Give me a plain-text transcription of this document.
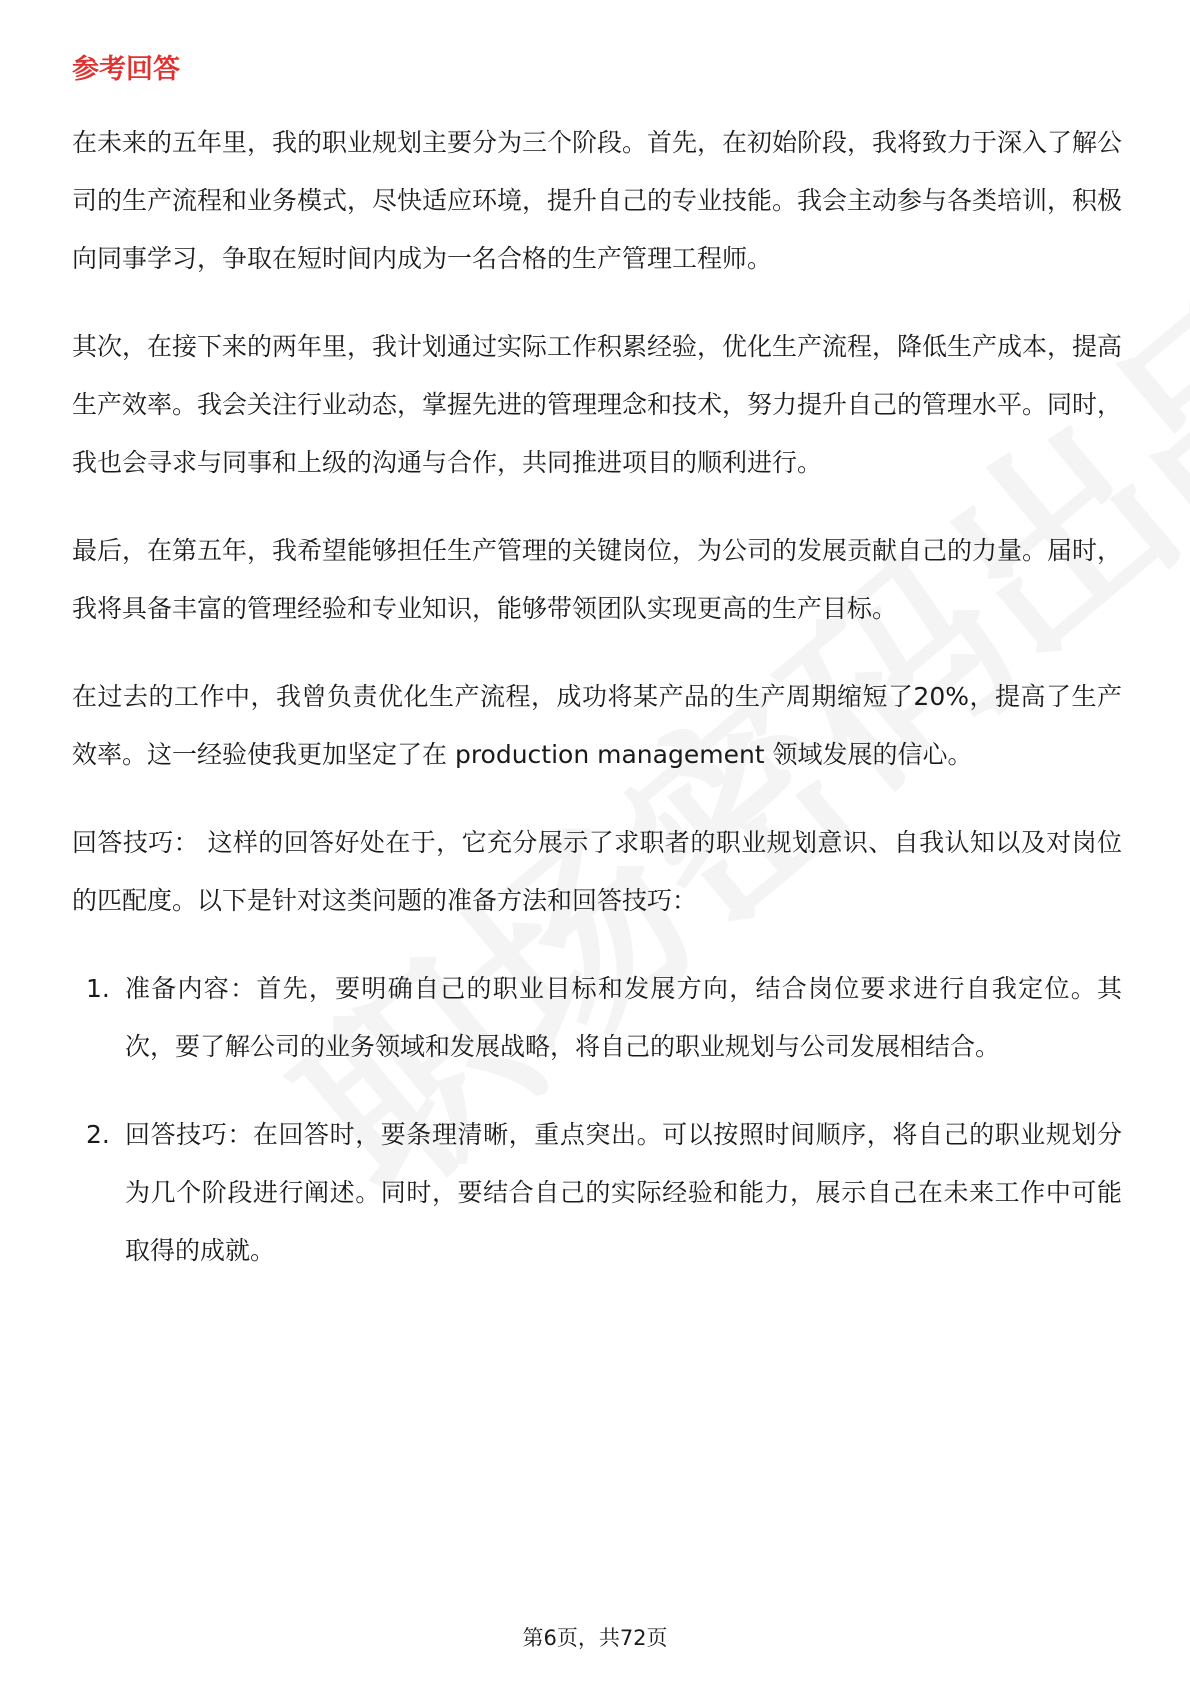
参考回答

在未来的五年里，我的职业规划主要分为三个阶段。首先，在初始阶段，我将致力于深入了解公司的生产流程和业务模式，尽快适应环境，提升自己的专业技能。我会主动参与各类培训，积极向同事学习，争取在短时间内成为一名合格的生产管理工程师。

其次，在接下来的两年里，我计划通过实际工作积累经验，优化生产流程，降低生产成本，提高生产效率。我会关注行业动态，掌握先进的管理理念和技术，努力提升自己的管理水平。同时，我也会寻求与同事和上级的沟通与合作，共同推进项目的顺利进行。

最后，在第五年，我希望能够担任生产管理的关键岗位，为公司的发展贡献自己的力量。届时，我将具备丰富的管理经验和专业知识，能够带领团队实现更高的生产目标。

在过去的工作中，我曾负责优化生产流程，成功将某产品的生产周期缩短了20%，提高了生产效率。这一经验使我更加坚定了在 production management 领域发展的信心。

回答技巧： 这样的回答好处在于，它充分展示了求职者的职业规划意识、自我认知以及对岗位的匹配度。以下是针对这类问题的准备方法和回答技巧：

1. 准备内容：首先，要明确自己的职业目标和发展方向，结合岗位要求进行自我定位。其次，要了解公司的业务领域和发展战略，将自己的职业规划与公司发展相结合。
2. 回答技巧：在回答时，要条理清晰，重点突出。可以按照时间顺序，将自己的职业规划分为几个阶段进行阐述。同时，要结合自己的实际经验和能力，展示自己在未来工作中可能取得的成就。
第6页，共72页
